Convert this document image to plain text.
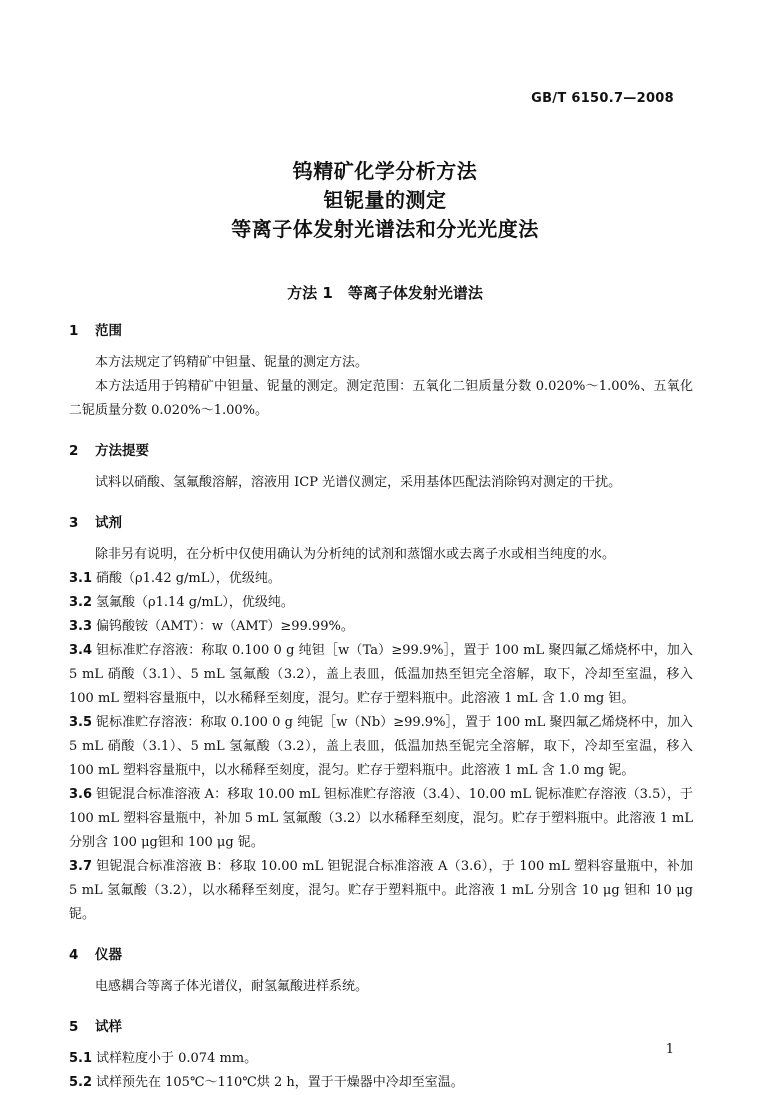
GB/T 6150.7—2008
钨精矿化学分析方法
钽铌量的测定
等离子体发射光谱法和分光光度法
方法 1　等离子体发射光谱法
1 范围

本方法规定了钨精矿中钽量、铌量的测定方法。

本方法适用于钨精矿中钽量、铌量的测定。测定范围：五氧化二钽质量分数 0.020%～1.00%、五氧化二铌质量分数 0.020%～1.00%。

2 方法提要

试料以硝酸、氢氟酸溶解，溶液用 ICP 光谱仪测定，采用基体匹配法消除钨对测定的干扰。

3 试剂

除非另有说明，在分析中仅使用确认为分析纯的试剂和蒸馏水或去离子水或相当纯度的水。

3.1 硝酸（ρ1.42 g/mL），优级纯。

3.2 氢氟酸（ρ1.14 g/mL），优级纯。

3.3 偏钨酸铵（AMT）：w（AMT）≥99.99%。

3.4 钽标准贮存溶液：称取 0.100 0 g 纯钽［w（Ta）≥99.9%］，置于 100 mL 聚四氟乙烯烧杯中，加入 5 mL 硝酸（3.1）、5 mL 氢氟酸（3.2），盖上表皿，低温加热至钽完全溶解，取下，冷却至室温，移入 100 mL 塑料容量瓶中，以水稀释至刻度，混匀。贮存于塑料瓶中。此溶液 1 mL 含 1.0 mg 钽。

3.5 铌标准贮存溶液：称取 0.100 0 g 纯铌［w（Nb）≥99.9%］，置于 100 mL 聚四氟乙烯烧杯中，加入 5 mL 硝酸（3.1）、5 mL 氢氟酸（3.2），盖上表皿，低温加热至铌完全溶解，取下，冷却至室温，移入 100 mL 塑料容量瓶中，以水稀释至刻度，混匀。贮存于塑料瓶中。此溶液 1 mL 含 1.0 mg 铌。

3.6 钽铌混合标准溶液 A：移取 10.00 mL 钽标准贮存溶液（3.4）、10.00 mL 铌标准贮存溶液（3.5），于 100 mL 塑料容量瓶中，补加 5 mL 氢氟酸（3.2）以水稀释至刻度，混匀。贮存于塑料瓶中。此溶液 1 mL 分别含 100 μg钽和 100 μg 铌。

3.7 钽铌混合标准溶液 B：移取 10.00 mL 钽铌混合标准溶液 A（3.6），于 100 mL 塑料容量瓶中，补加 5 mL 氢氟酸（3.2），以水稀释至刻度，混匀。贮存于塑料瓶中。此溶液 1 mL 分别含 10 μg 钽和 10 μg 铌。

4 仪器

电感耦合等离子体光谱仪，耐氢氟酸进样系统。

5 试样

5.1 试样粒度小于 0.074 mm。

5.2 试样预先在 105℃～110℃烘 2 h，置于干燥器中冷却至室温。

1
